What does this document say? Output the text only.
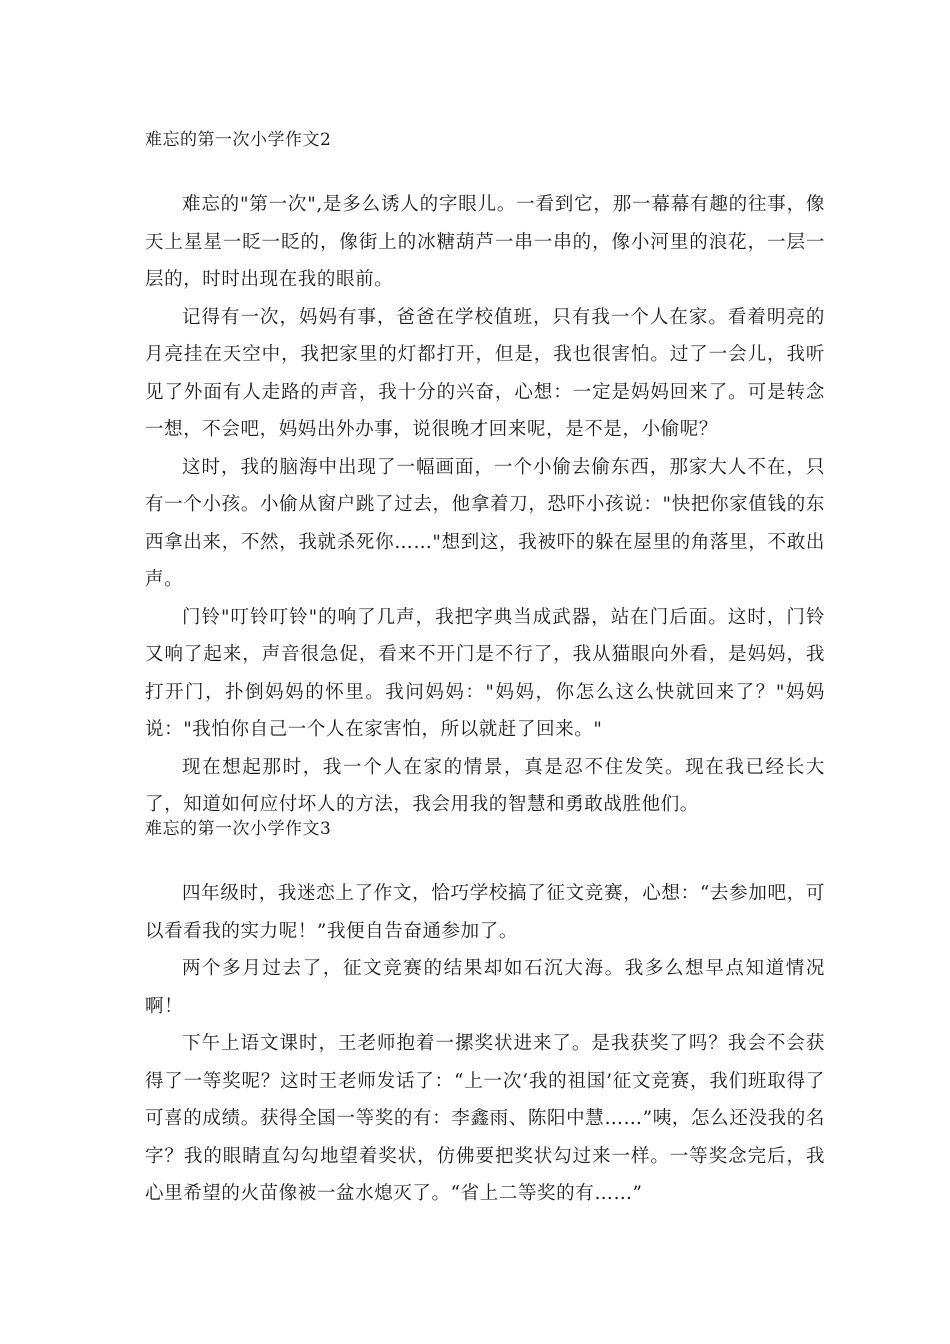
难忘的第一次小学作文2

难忘的"第一次",是多么诱人的字眼儿。一看到它，那一幕幕有趣的往事，像天上星星一眨一眨的，像街上的冰糖葫芦一串一串的，像小河里的浪花，一层一层的，时时出现在我的眼前。

记得有一次，妈妈有事，爸爸在学校值班，只有我一个人在家。看着明亮的月亮挂在天空中，我把家里的灯都打开，但是，我也很害怕。过了一会儿，我听见了外面有人走路的声音，我十分的兴奋，心想：一定是妈妈回来了。可是转念一想，不会吧，妈妈出外办事，说很晚才回来呢，是不是，小偷呢？

这时，我的脑海中出现了一幅画面，一个小偷去偷东西，那家大人不在，只有一个小孩。小偷从窗户跳了过去，他拿着刀，恐吓小孩说："快把你家值钱的东西拿出来，不然，我就杀死你……"想到这，我被吓的躲在屋里的角落里，不敢出声。

门铃"叮铃叮铃"的响了几声，我把字典当成武器，站在门后面。这时，门铃又响了起来，声音很急促，看来不开门是不行了，我从猫眼向外看，是妈妈，我打开门，扑倒妈妈的怀里。我问妈妈："妈妈，你怎么这么快就回来了？"妈妈说："我怕你自己一个人在家害怕，所以就赶了回来。"

现在想起那时，我一个人在家的情景，真是忍不住发笑。现在我已经长大了，知道如何应付坏人的方法，我会用我的智慧和勇敢战胜他们。

难忘的第一次小学作文3

四年级时，我迷恋上了作文，恰巧学校搞了征文竞赛，心想：“去参加吧，可以看看我的实力呢！”我便自告奋通参加了。

两个多月过去了，征文竞赛的结果却如石沉大海。我多么想早点知道情况啊！

下午上语文课时，王老师抱着一摞奖状进来了。是我获奖了吗？我会不会获得了一等奖呢？这时王老师发话了：“上一次‘我的祖国’征文竞赛，我们班取得了可喜的成绩。获得全国一等奖的有：李鑫雨、陈阳中慧……”咦，怎么还没我的名字？我的眼睛直勾勾地望着奖状，仿佛要把奖状勾过来一样。一等奖念完后，我心里希望的火苗像被一盆水熄灭了。“省上二等奖的有……”
